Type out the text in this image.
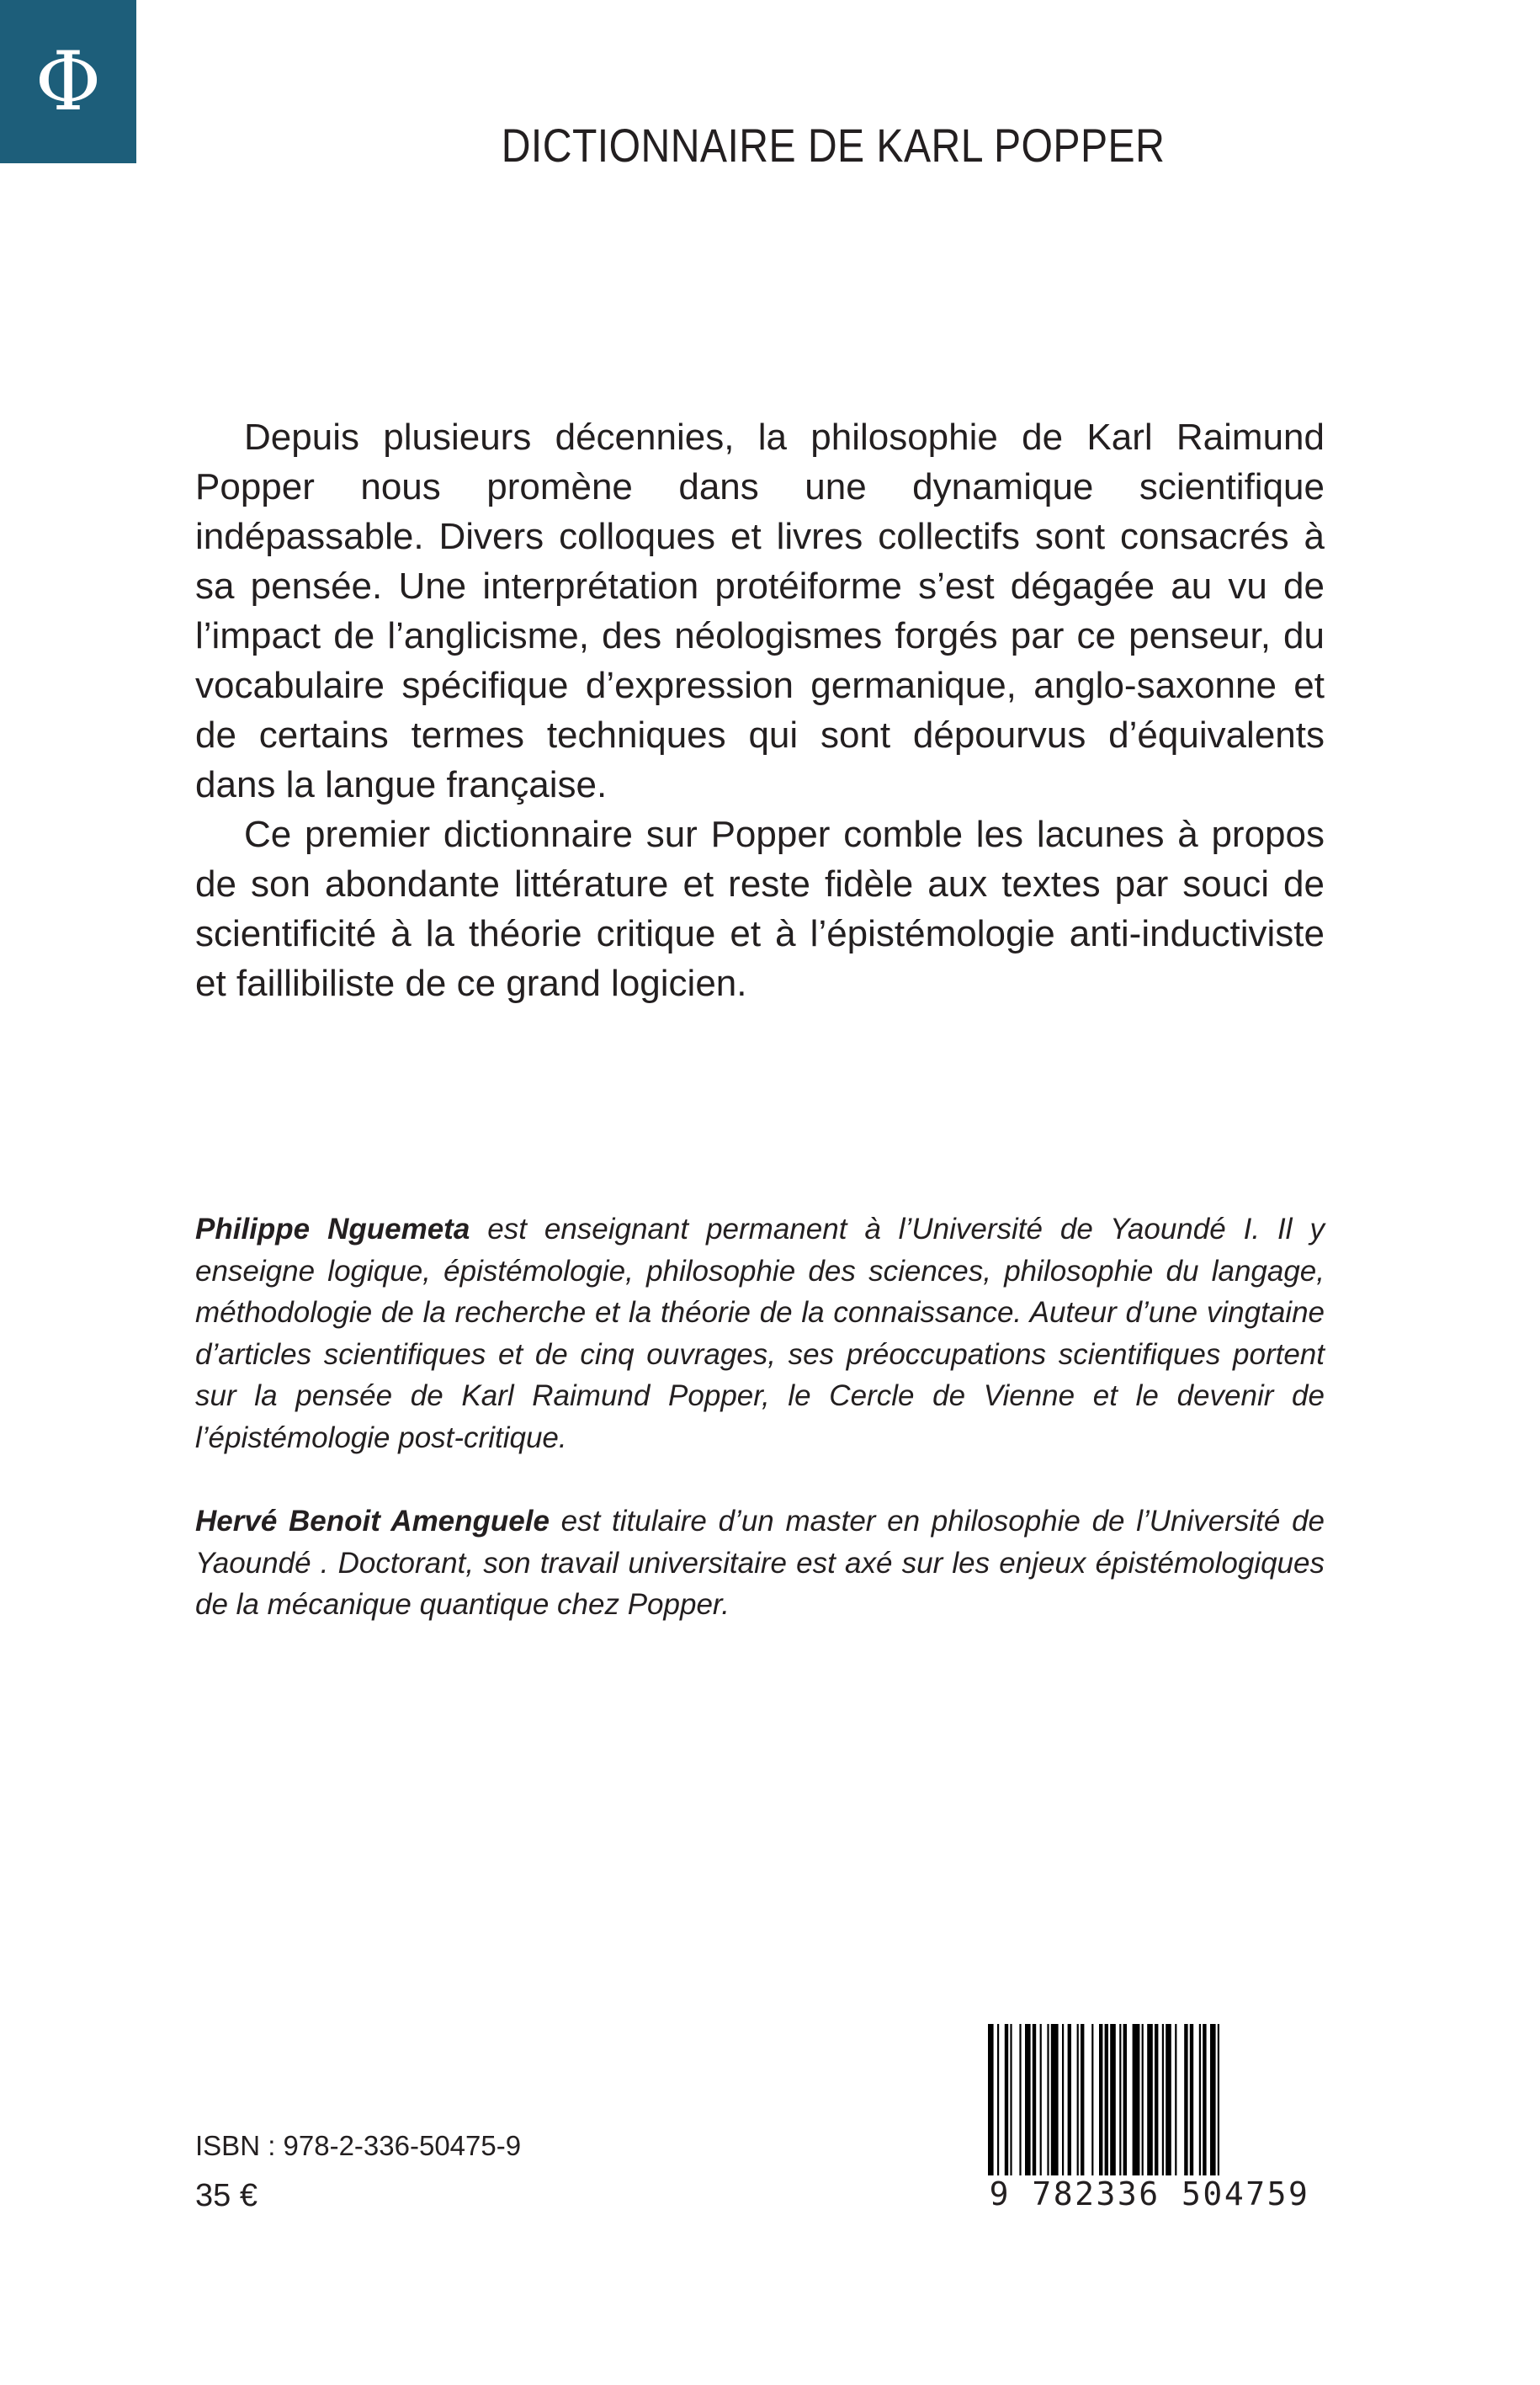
Φ
DICTIONNAIRE DE KARL POPPER

Depuis plusieurs décennies, la philosophie de Karl Raimund Popper nous promène dans une dynamique scientifique indépassable. Divers colloques et livres collectifs sont consacrés à sa pensée. Une interprétation protéiforme s’est dégagée au vu de l’impact de l’anglicisme, des néologismes forgés par ce penseur, du vocabulaire spécifique d’expression germanique, anglo-saxonne et de certains termes techniques qui sont dépourvus d’équivalents dans la langue française.

Ce premier dictionnaire sur Popper comble les lacunes à propos de son abondante littérature et reste fidèle aux textes par souci de scientificité à la théorie critique et à l’épistémologie anti-inductiviste et faillibiliste de ce grand logicien.

Philippe Nguemeta est enseignant permanent à l’Université de Yaoundé I. Il y enseigne logique, épistémologie, philosophie des sciences, philosophie du langage, méthodologie de la recherche et la théorie de la connaissance. Auteur d’une vingtaine d’articles scientifiques et de cinq ouvrages, ses préoccupations scientifiques portent sur la pensée de Karl Raimund Popper, le Cercle de Vienne et le devenir de l’épistémologie post-critique.

Hervé Benoit Amenguele est titulaire d’un master en philosophie de l’Université de Yaoundé . Doctorant, son travail universitaire est axé sur les enjeux épistémologiques de la mécanique quantique chez Popper.

ISBN : 978-2-336-50475-9
35 €	9 782336 504759
